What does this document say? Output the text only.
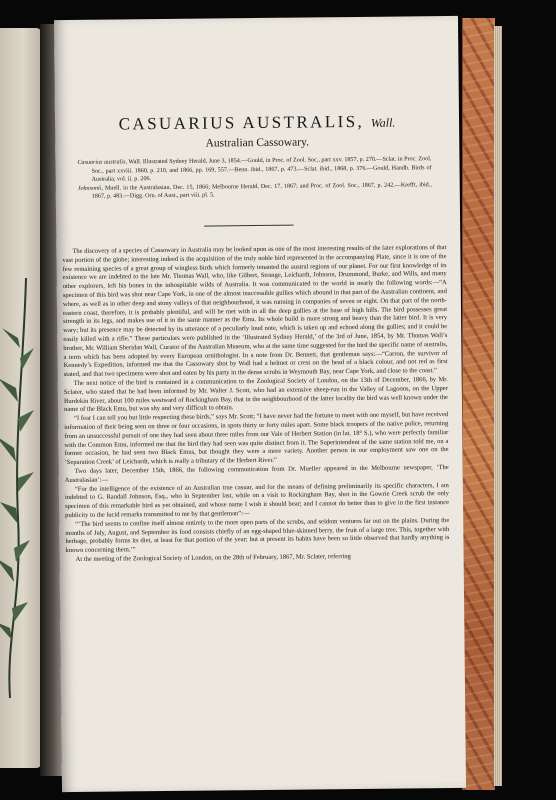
CASUARIUS AUSTRALIS, Wall.
Australian Cassowary.

Casuarius australis, Wall. Illustrated Sydney Herald, June 3, 1854.—Gould, in Proc. of Zool. Soc., part xxv. 1857, p. 270.—Sclat. in Proc. Zool. Soc., part xxviii. 1860, p. 210, and 1866, pp. 169, 557.—Benn. ibid., 1867, p. 473.—Sclat. ibid., 1868, p. 376.—Gould, Handb. Birds of Australia, vol. ii. p. 206.

Johnsonii, Muell. in the Australasian, Dec. 15, 1866; Melbourne Herald, Dec. 17, 1867; and Proc. of Zool. Soc., 1867, p. 242.—Krefft, ibid., 1867, p. 483.—Digg. Orn. of Aust., part viii. pl. 5.

The discovery of a species of Cassowary in Australia may be looked upon as one of the most interesting results of the later explorations of that vast portion of the globe; interesting indeed is the acquisition of the truly noble bird represented in the accompanying Plate, since it is one of the few remaining species of a great group of wingless birds which formerly tenanted the austral regions of our planet. For our first knowledge of its existence we are indebted to the late Mr. Thomas Wall, who, like Gilbert, Strange, Leichardt, Johnson, Drummond, Burke, and Wills, and many other explorers, left his bones in the inhospitable wilds of Australia. It was communicated to the world in nearly the following words:—“A specimen of this bird was shot near Cape York, in one of the almost inaccessible gullies which abound in that part of the Australian continent, and where, as well as in other deep and stony valleys of that neighbourhood, it was running in companies of seven or eight. On that part of the north-eastern coast, therefore, it is probably plentiful, and will be met with in all the deep gullies at the base of high hills. The bird possesses great strength in its legs, and makes use of it in the same manner as the Emu. Its whole build is more strong and heavy than the latter bird. It is very wary; but its presence may be detected by its utterance of a peculiarly loud note, which is taken up and echoed along the gullies; and it could be easily killed with a rifle.” These particulars were published in the ‘Illustrated Sydney Herald,’ of the 3rd of June, 1854, by Mr. Thomas Wall’s brother, Mr. William Sheridan Wall, Curator of the Australian Museum, who at the same time suggested for the bird the specific name of australis, a term which has been adopted by every European ornithologist. In a note from Dr. Bennett, that gentleman says:—“Carron, the survivor of Kennedy’s Expedition, informed me that the Cassowary shot by Wall had a helmet or crest on the head of a black colour, and not red as first stated, and that two specimens were shot and eaten by his party in the dense scrubs in Weymouth Bay, near Cape York, and close to the coast.”

The next notice of the bird is contained in a communication to the Zoological Society of London, on the 13th of December, 1866, by Mr. Sclater, who stated that he had been informed by Mr. Walter J. Scott, who had an extensive sheep-run in the Valley of Lagoons, on the Upper Burdekin River, about 100 miles westward of Rockingham Bay, that in the neighbourhood of the latter locality the bird was well known under the name of the Black Emu, but was shy and very difficult to obtain.

“I fear I can tell you but little respecting these birds,” says Mr. Scott; “I have never had the fortune to meet with one myself, but have received information of their being seen on three or four occasions, in spots thirty or forty miles apart. Some black troopers of the native police, returning from an unsuccessful pursuit of one they had seen about three miles from our Vale of Herbert Station (in lat. 18° S.), who were perfectly familiar with the Common Emu, informed me that the bird they had seen was quite distinct from it. The Superintendent of the same station told me, on a former occasion, he had seen two Black Emus, but thought they were a mere variety. Another person in our employment saw one on the ‘Separation Creek’ of Leichardt, which is really a tributary of the Herbert River.”

Two days later, December 15th, 1866, the following communication from Dr. Mueller appeared in the Melbourne newspaper, ‘The Australasian’:—

“For the intelligence of the existence of an Australian true casuar, and for the means of defining preliminarily its specific characters, I am indebted to G. Randall Johnson, Esq., who in September last, while on a visit to Rockingham Bay, shot in the Gowrie Creek scrub the only specimen of this remarkable bird as yet obtained, and whose name I wish it should bear; and I cannot do better than to give in the first instance publicity to the lucid remarks transmitted to me by that gentleman”:—

“‘The bird seems to confine itself almost entirely to the more open parts of the scrubs, and seldom ventures far out on the plains. During the months of July, August, and September its food consists chiefly of an egg-shaped blue-skinned berry, the fruit of a large tree. This, together with herbage, probably forms its diet, at least for that portion of the year; but at present its habits have been so little observed that hardly anything is known concerning them.’”

At the meeting of the Zoological Society of London, on the 28th of February, 1867, Mr. Sclater, referring
